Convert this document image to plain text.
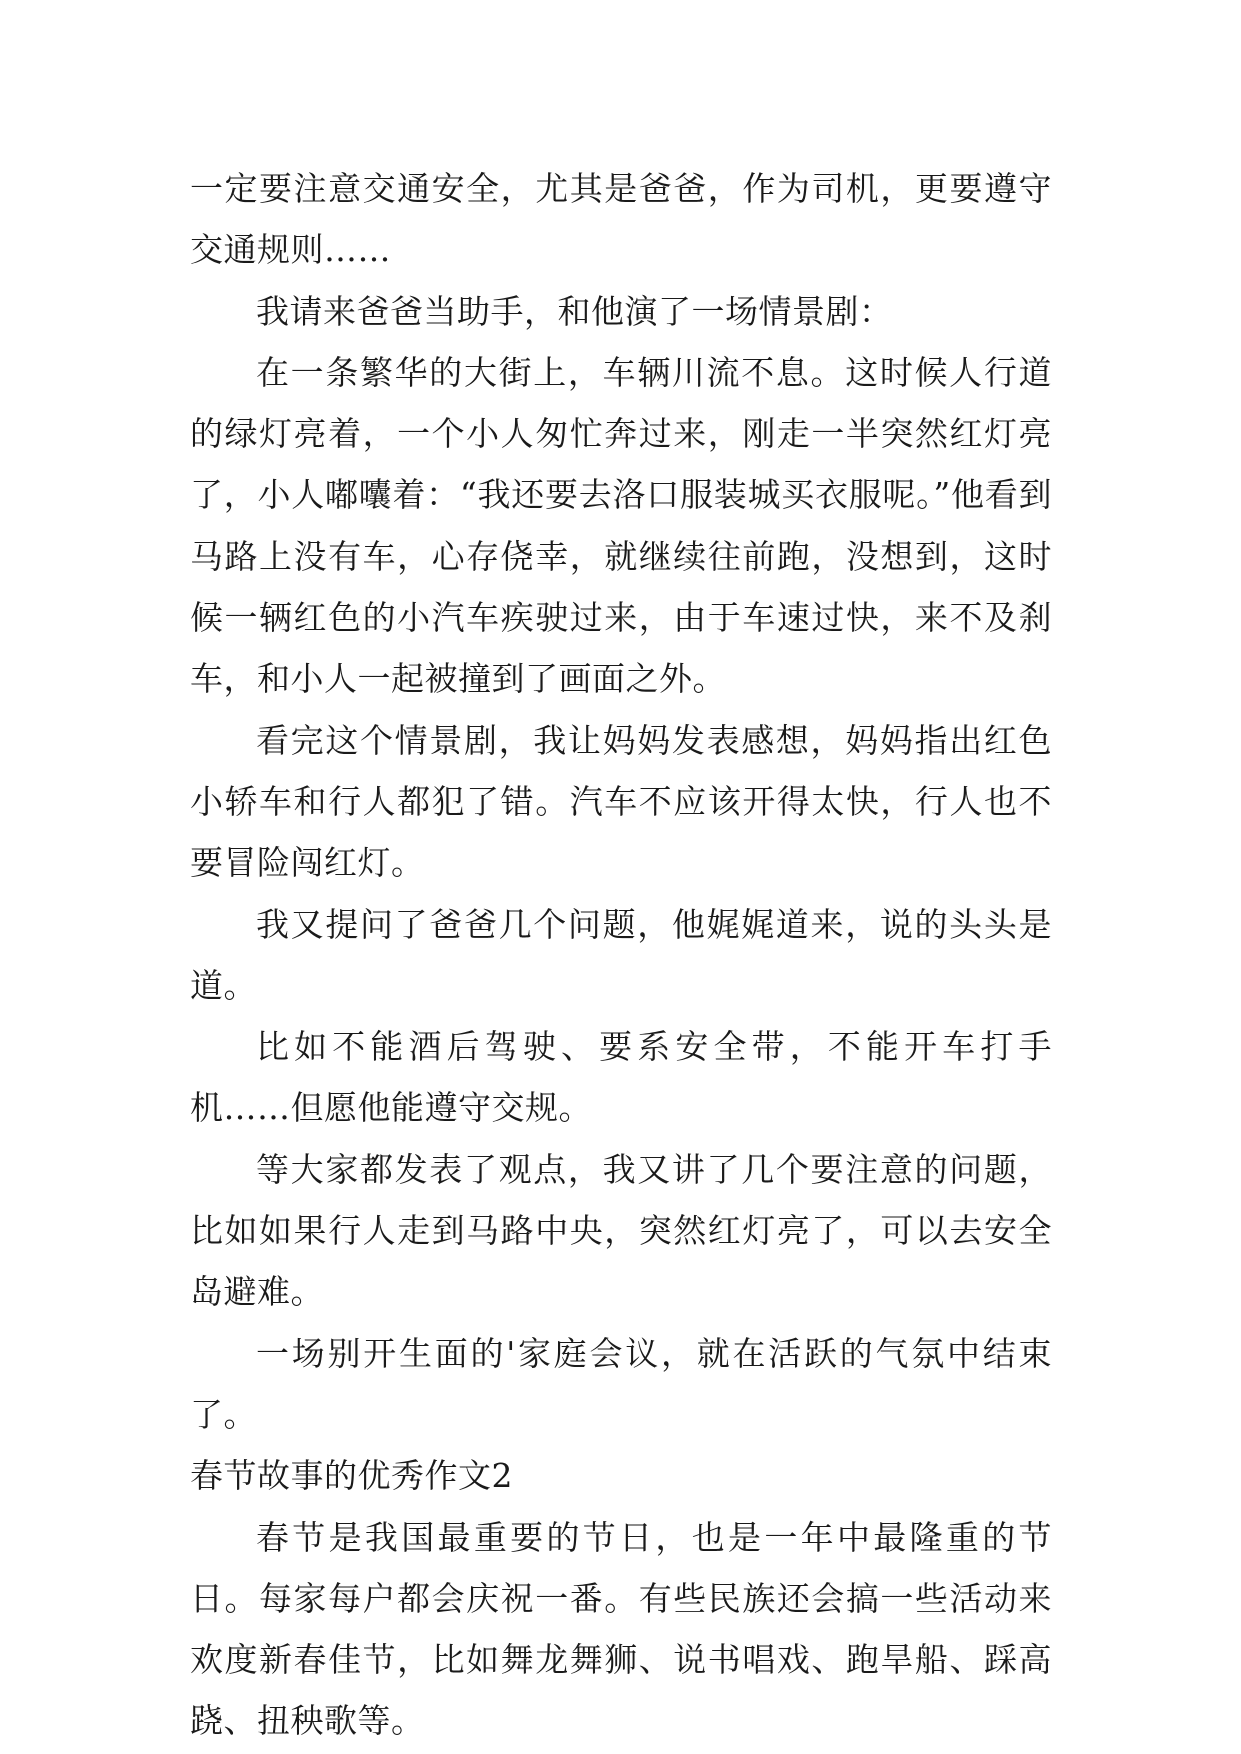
一定要注意交通安全，尤其是爸爸，作为司机，更要遵守交通规则……

我请来爸爸当助手，和他演了一场情景剧：

在一条繁华的大街上，车辆川流不息。这时候人行道的绿灯亮着，一个小人匆忙奔过来，刚走一半突然红灯亮了，小人嘟囔着：“我还要去洛口服装城买衣服呢。”他看到马路上没有车，心存侥幸，就继续往前跑，没想到，这时候一辆红色的小汽车疾驶过来，由于车速过快，来不及刹车，和小人一起被撞到了画面之外。

看完这个情景剧，我让妈妈发表感想，妈妈指出红色小轿车和行人都犯了错。汽车不应该开得太快，行人也不要冒险闯红灯。

我又提问了爸爸几个问题，他娓娓道来，说的头头是道。

比如不能酒后驾驶、要系安全带，不能开车打手机……但愿他能遵守交规。

等大家都发表了观点，我又讲了几个要注意的问题，比如如果行人走到马路中央，突然红灯亮了，可以去安全岛避难。

一场别开生面的'家庭会议，就在活跃的气氛中结束了。

春节故事的优秀作文2

春节是我国最重要的节日，也是一年中最隆重的节日。每家每户都会庆祝一番。有些民族还会搞一些活动来欢度新春佳节，比如舞龙舞狮、说书唱戏、跑旱船、踩高跷、扭秧歌等。
